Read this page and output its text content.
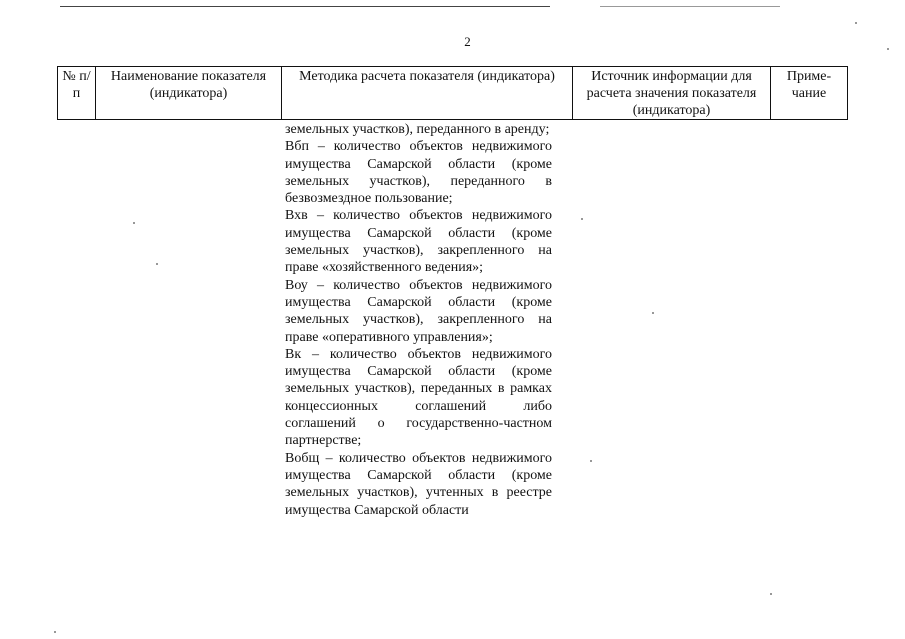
2
№ п/п	Наименование показателя (индикатора)	Методика расчета показателя (индикатора)	Источник информации для расчета значения показателя (индикатора)	Приме-чание

земельных участков), переданного в аренду;

Вбп – количество объектов недвижимого имущества Самарской области (кроме земельных участков), переданного в безвозмездное пользование;

Вхв – количество объектов недвижимого имущества Самарской области (кроме земельных участков), закрепленного на праве «хозяйственного ведения»;

Воу – количество объектов недвижимого имущества Самарской области (кроме земельных участков), закрепленного на праве «оперативного управления»;

Вк – количество объектов недвижимого имущества Самарской области (кроме земельных участков), переданных в рамках концессионных соглашений либо соглашений о государственно-частном партнерстве;

Вобщ – количество объектов недвижимого имущества Самарской области (кроме земельных участков), учтенных в реестре имущества Самарской области
